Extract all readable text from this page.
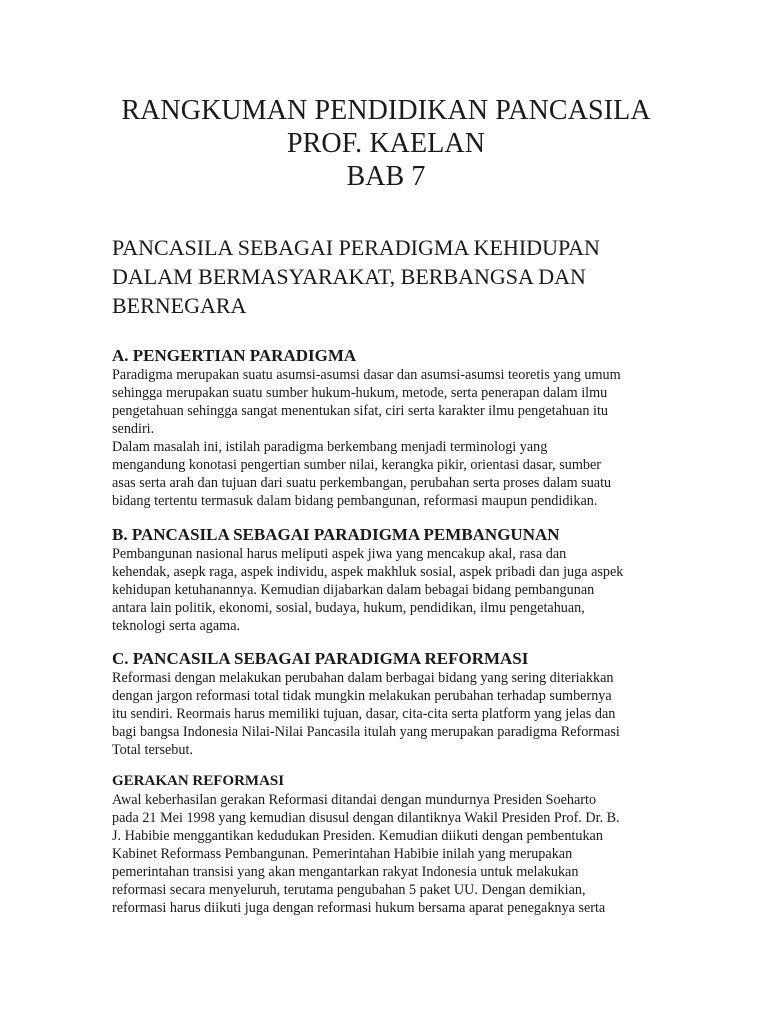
RANGKUMAN PENDIDIKAN PANCASILA
PROF. KAELAN
BAB 7
PANCASILA SEBAGAI PERADIGMA KEHIDUPAN
DALAM BERMASYARAKAT, BERBANGSA DAN
BERNEGARA
A. PENGERTIAN PARADIGMA

Paradigma merupakan suatu asumsi-asumsi dasar dan asumsi-asumsi teoretis yang umum
sehingga merupakan suatu sumber hukum-hukum, metode, serta penerapan dalam ilmu
pengetahuan sehingga sangat menentukan sifat, ciri serta karakter ilmu pengetahuan itu
sendiri.

Dalam masalah ini, istilah paradigma berkembang menjadi terminologi yang
mengandung konotasi pengertian sumber nilai, kerangka pikir, orientasi dasar, sumber
asas serta arah dan tujuan dari suatu perkembangan, perubahan serta proses dalam suatu
bidang tertentu termasuk dalam bidang pembangunan, reformasi maupun pendidikan.

B. PANCASILA SEBAGAI PARADIGMA PEMBANGUNAN

Pembangunan nasional harus meliputi aspek jiwa yang mencakup akal, rasa dan
kehendak, asepk raga, aspek individu, aspek makhluk sosial, aspek pribadi dan juga aspek
kehidupan ketuhanannya. Kemudian dijabarkan dalam bebagai bidang pembangunan
antara lain politik, ekonomi, sosial, budaya, hukum, pendidikan, ilmu pengetahuan,
teknologi serta agama.

C. PANCASILA SEBAGAI PARADIGMA REFORMASI

Reformasi dengan melakukan perubahan dalam berbagai bidang yang sering diteriakkan
dengan jargon reformasi total tidak mungkin melakukan perubahan terhadap sumbernya
itu sendiri. Reormais harus memiliki tujuan, dasar, cita-cita serta platform yang jelas dan
bagi bangsa Indonesia Nilai-Nilai Pancasila itulah yang merupakan paradigma Reformasi
Total tersebut.

GERAKAN REFORMASI

Awal keberhasilan gerakan Reformasi ditandai dengan mundurnya Presiden Soeharto
pada 21 Mei 1998 yang kemudian disusul dengan dilantiknya Wakil Presiden Prof. Dr. B.
J. Habibie menggantikan kedudukan Presiden. Kemudian diikuti dengan pembentukan
Kabinet Reformass Pembangunan. Pemerintahan Habibie inilah yang merupakan
pemerintahan transisi yang akan mengantarkan rakyat Indonesia untuk melakukan
reformasi secara menyeluruh, terutama pengubahan 5 paket UU. Dengan demikian,
reformasi harus diikuti juga dengan reformasi hukum bersama aparat penegaknya serta
